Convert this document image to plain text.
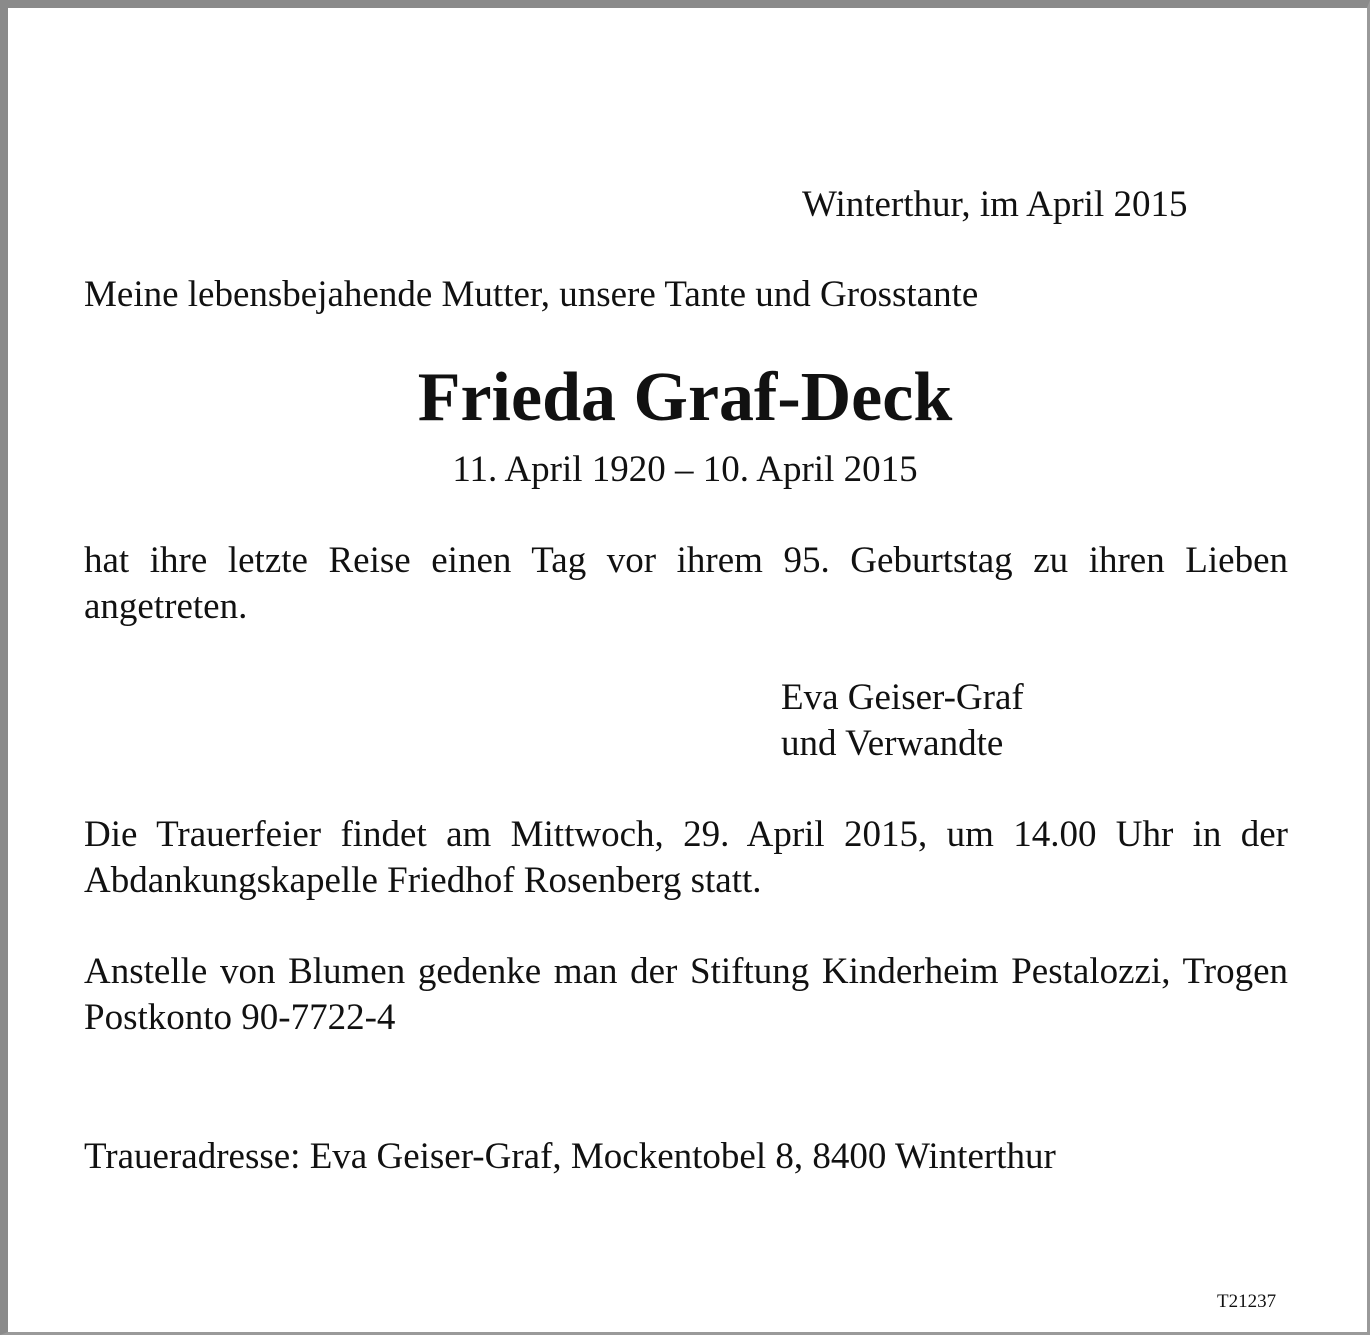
Winterthur, im April 2015
Meine lebensbejahende Mutter, unsere Tante und Grosstante
Frieda Graf-Deck
11. April 1920 – 10. April 2015
hat ihre letzte Reise einen Tag vor ihrem 95. Geburtstag zu ihren Lieben angetreten.
Eva Geiser-Graf
und Verwandte
Die Trauerfeier findet am Mittwoch, 29. April 2015, um 14.00 Uhr in der Abdankungskapelle Friedhof Rosenberg statt.
Anstelle von Blumen gedenke man der Stiftung Kinderheim Pestalozzi, Trogen Postkonto 90-7722-4
Traueradresse: Eva Geiser-Graf, Mockentobel 8, 8400 Winterthur
T21237
